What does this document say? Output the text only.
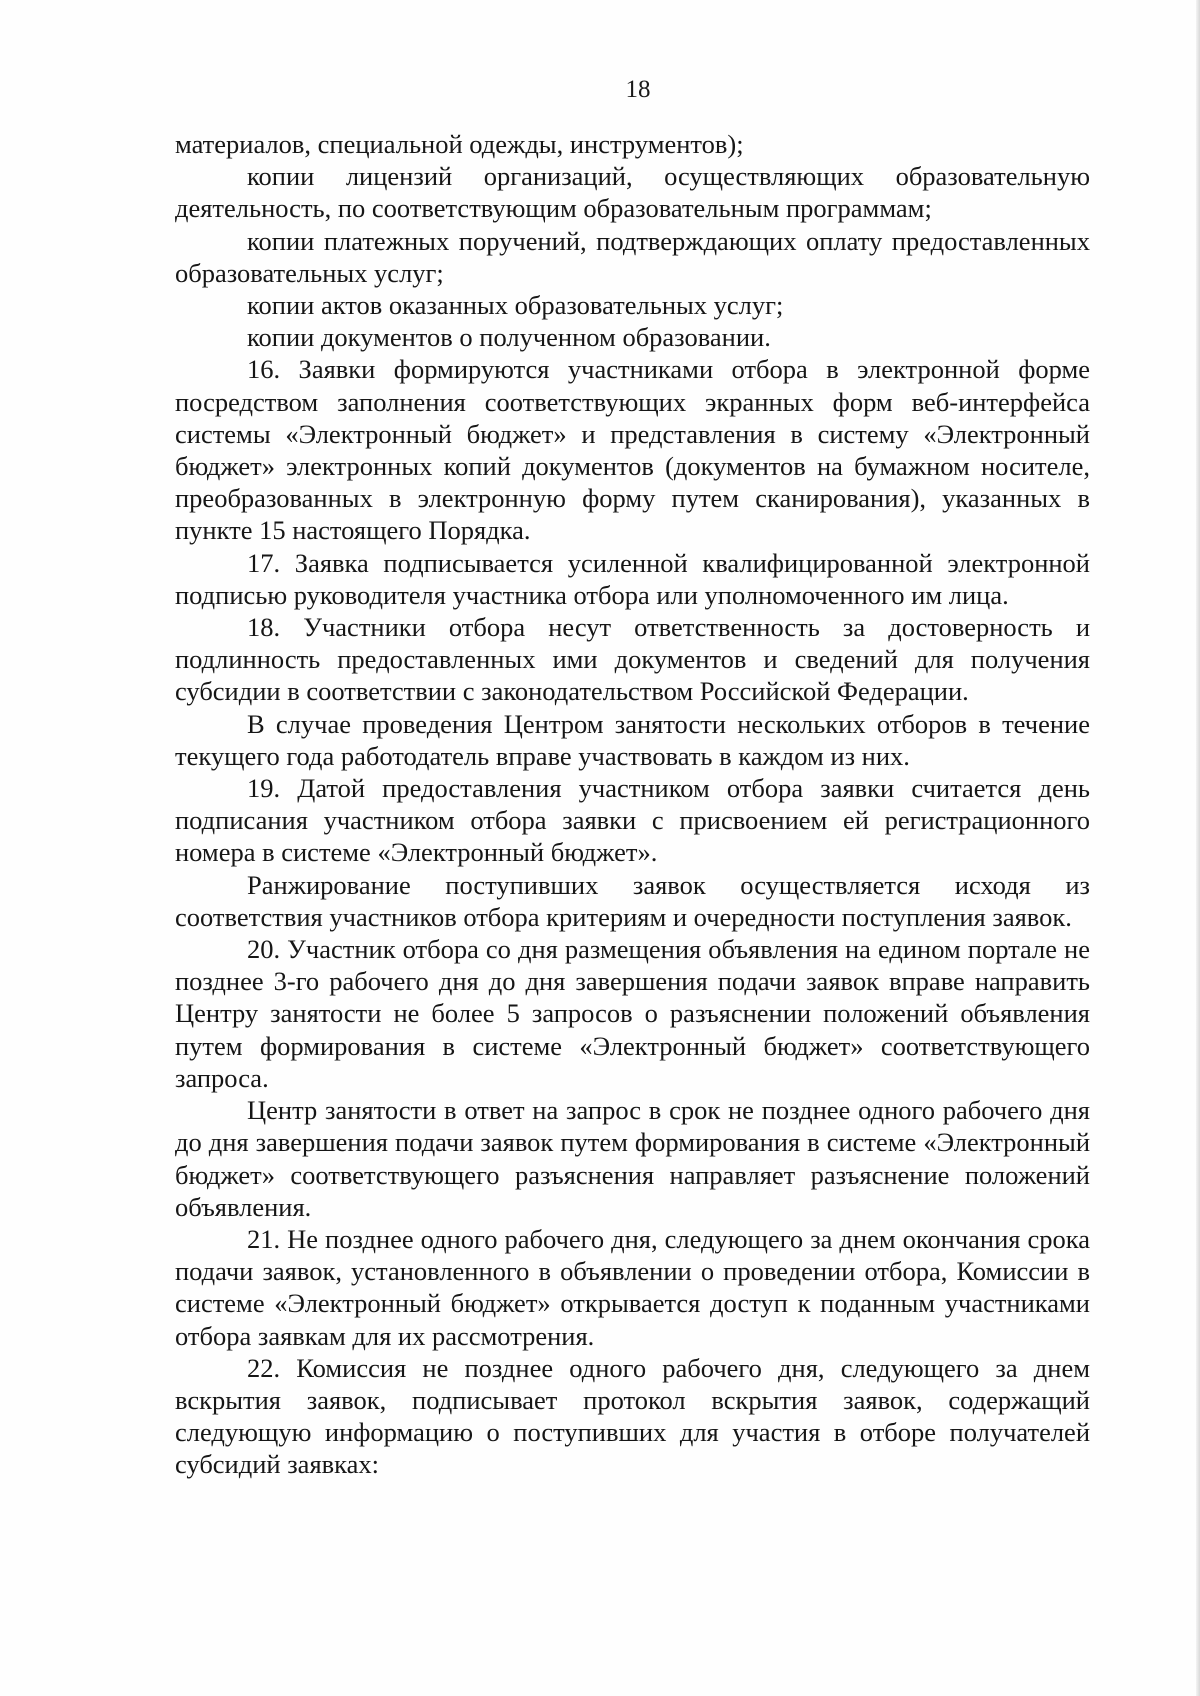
18

материалов, специальной одежды, инструментов);

копии лицензий организаций, осуществляющих образовательную деятельность, по соответствующим образовательным программам;

копии платежных поручений, подтверждающих оплату предоставленных образовательных услуг;

копии актов оказанных образовательных услуг;

копии документов о полученном образовании.

16. Заявки формируются участниками отбора в электронной форме посредством заполнения соответствующих экранных форм веб-интерфейса системы «Электронный бюджет» и представления в систему «Электронный бюджет» электронных копий документов (документов на бумажном носителе, преобразованных в электронную форму путем сканирования), указанных в пункте 15 настоящего Порядка.

17. Заявка подписывается усиленной квалифицированной электронной подписью руководителя участника отбора или уполномоченного им лица.

18. Участники отбора несут ответственность за достоверность и подлинность предоставленных ими документов и сведений для получения субсидии в соответствии с законодательством Российской Федерации.

В случае проведения Центром занятости нескольких отборов в течение текущего года работодатель вправе участвовать в каждом из них.

19. Датой предоставления участником отбора заявки считается день подписания участником отбора заявки с присвоением ей регистрационного номера в системе «Электронный бюджет».

Ранжирование поступивших заявок осуществляется исходя из соответствия участников отбора критериям и очередности поступления заявок.

20. Участник отбора со дня размещения объявления на едином портале не позднее 3-го рабочего дня до дня завершения подачи заявок вправе направить Центру занятости не более 5 запросов о разъяснении положений объявления путем формирования в системе «Электронный бюджет» соответствующего запроса.

Центр занятости в ответ на запрос в срок не позднее одного рабочего дня до дня завершения подачи заявок путем формирования в системе «Электронный бюджет» соответствующего разъяснения направляет разъяснение положений объявления.

21. Не позднее одного рабочего дня, следующего за днем окончания срока подачи заявок, установленного в объявлении о проведении отбора, Комиссии в системе «Электронный бюджет» открывается доступ к поданным участниками отбора заявкам для их рассмотрения.

22. Комиссия не позднее одного рабочего дня, следующего за днем вскрытия заявок, подписывает протокол вскрытия заявок, содержащий следующую информацию о поступивших для участия в отборе получателей субсидий заявках:
